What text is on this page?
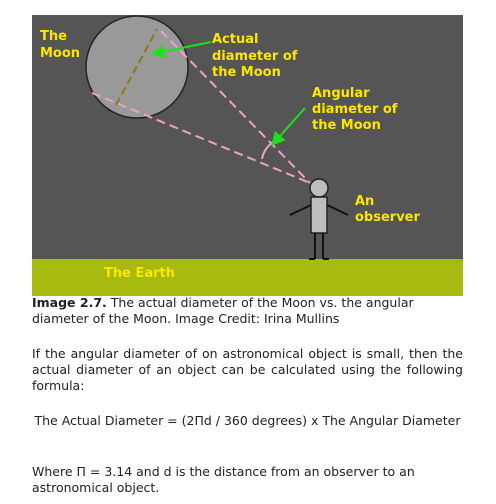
The Moon
Actual diameter of the Moon
Angular diameter of the Moon
An observer
The Earth
Image 2.7. The actual diameter of the Moon vs. the angular diameter of the Moon. Image Credit: Irina Mullins
If the angular diameter of on astronomical object is small, then the actual diameter of an object can be calculated using the following formula:
The Actual Diameter = (2Πd / 360 degrees) x The Angular Diameter
Where Π = 3.14 and d is the distance from an observer to an astronomical object.
